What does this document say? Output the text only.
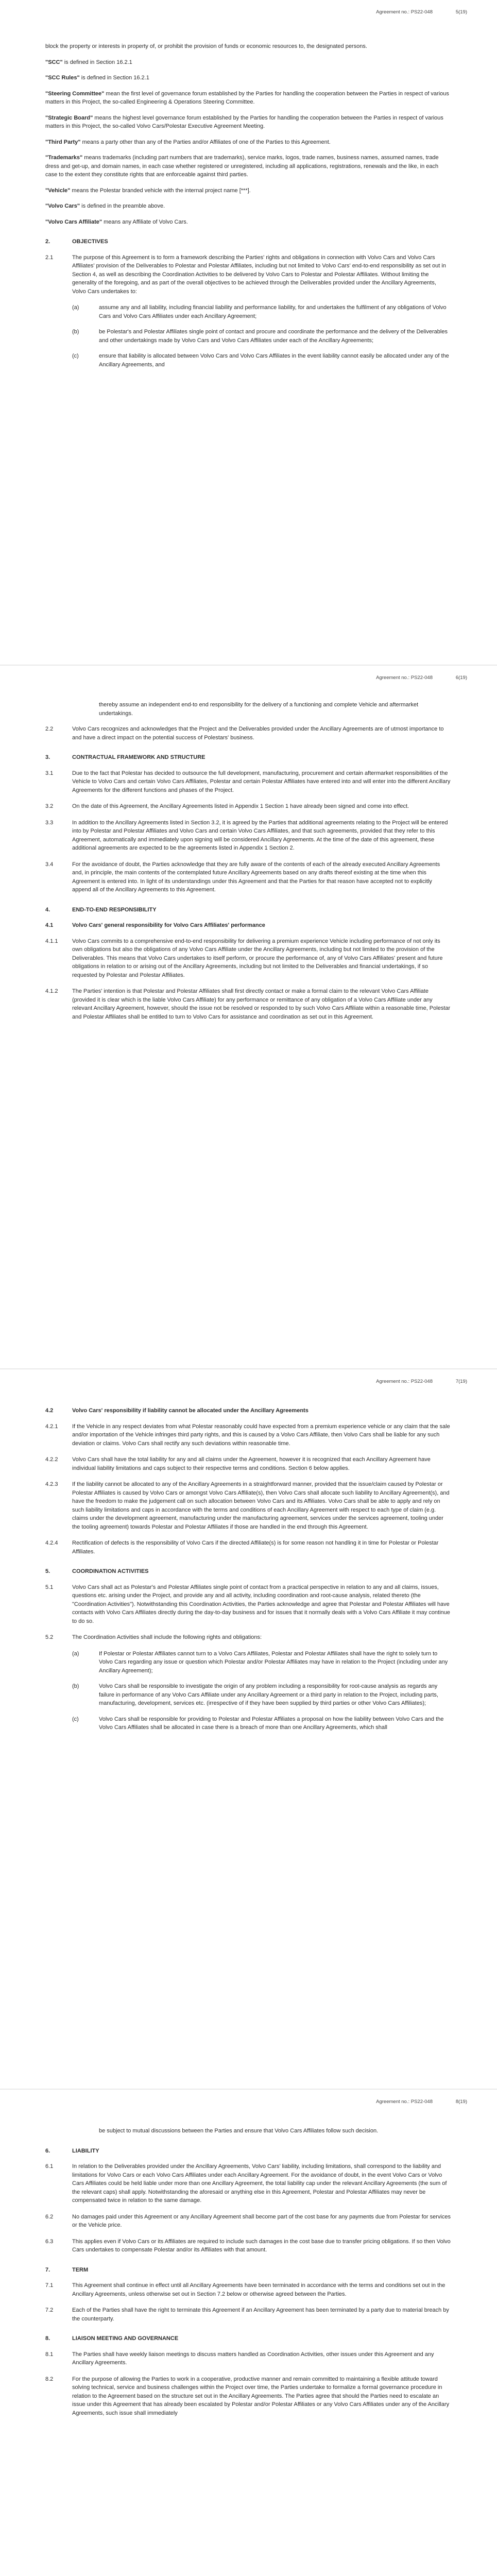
Agreement no.: PS22-048	5(19)

block the property or interests in property of, or prohibit the provision of funds or economic resources to, the designated persons.

"SCC" is defined in Section 16.2.1

"SCC Rules" is defined in Section 16.2.1

"Steering Committee" mean the first level of governance forum established by the Parties for handling the cooperation between the Parties in respect of various matters in this Project, the so-called Engineering & Operations Steering Committee.

"Strategic Board" means the highest level governance forum established by the Parties for handling the cooperation between the Parties in respect of various matters in this Project, the so-called Volvo Cars/Polestar Executive Agreement Meeting.

"Third Party" means a party other than any of the Parties and/or Affiliates of one of the Parties to this Agreement.

"Trademarks" means trademarks (including part numbers that are trademarks), service marks, logos, trade names, business names, assumed names, trade dress and get-up, and domain names, in each case whether registered or unregistered, including all applications, registrations, renewals and the like, in each case to the extent they constitute rights that are enforceable against third parties.

"Vehicle" means the Polestar branded vehicle with the internal project name [***].

"Volvo Cars" is defined in the preamble above.

"Volvo Cars Affiliate" means any Affiliate of Volvo Cars.

2.	OBJECTIVES
2.1	The purpose of this Agreement is to form a framework describing the Parties' rights and obligations in connection with Volvo Cars and Volvo Cars Affiliates' provision of the Deliverables to Polestar and Polestar Affiliates, including but not limited to Volvo Cars' end-to-end responsibility as set out in Section 4, as well as describing the Coordination Activities to be delivered by Volvo Cars to Polestar and Polestar Affiliates. Without limiting the generality of the foregoing, and as part of the overall objectives to be achieved through the Deliverables provided under the Ancillary Agreements, Volvo Cars undertakes to:
(a)	assume any and all liability, including financial liability and performance liability, for and undertakes the fulfilment of any obligations of Volvo Cars and Volvo Cars Affiliates under each Ancillary Agreement;
(b)	be Polestar's and Polestar Affiliates single point of contact and procure and coordinate the performance and the delivery of the Deliverables and other undertakings made by Volvo Cars and Volvo Cars Affiliates under each of the Ancillary Agreements;
(c)	ensure that liability is allocated between Volvo Cars and Volvo Cars Affiliates in the event liability cannot easily be allocated under any of the Ancillary Agreements, and
Agreement no.: PS22-048	6(19)

thereby assume an independent end-to end responsibility for the delivery of a functioning and complete Vehicle and aftermarket undertakings.

2.2	Volvo Cars recognizes and acknowledges that the Project and the Deliverables provided under the Ancillary Agreements are of utmost importance to and have a direct impact on the potential success of Polestars' business.
3.	CONTRACTUAL FRAMEWORK AND STRUCTURE
3.1	Due to the fact that Polestar has decided to outsource the full development, manufacturing, procurement and certain aftermarket responsibilities of the Vehicle to Volvo Cars and certain Volvo Cars Affiliates, Polestar and certain Polestar Affiliates have entered into and will enter into the different Ancillary Agreements for the different functions and phases of the Project.
3.2	On the date of this Agreement, the Ancillary Agreements listed in Appendix 1 Section 1 have already been signed and come into effect.
3.3	In addition to the Ancillary Agreements listed in Section 3.2, it is agreed by the Parties that additional agreements relating to the Project will be entered into by Polestar and Polestar Affiliates and Volvo Cars and certain Volvo Cars Affiliates, and that such agreements, provided that they refer to this Agreement, automatically and immediately upon signing will be considered Ancillary Agreements. At the time of the date of this agreement, these additional agreements are expected to be the agreements listed in Appendix 1 Section 2.
3.4	For the avoidance of doubt, the Parties acknowledge that they are fully aware of the contents of each of the already executed Ancillary Agreements and, in principle, the main contents of the contemplated future Ancillary Agreements based on any drafts thereof existing at the time when this Agreement is entered into. In light of its understandings under this Agreement and that the Parties for that reason have accepted not to explicitly append all of the Ancillary Agreements to this Agreement.
4.	END-TO-END RESPONSIBILITY
4.1	Volvo Cars' general responsibility for Volvo Cars Affiliates' performance
4.1.1	Volvo Cars commits to a comprehensive end-to-end responsibility for delivering a premium experience Vehicle including performance of not only its own obligations but also the obligations of any Volvo Cars Affiliate under the Ancillary Agreements, including but not limited to the provision of the Deliverables. This means that Volvo Cars undertakes to itself perform, or procure the performance of, any of Volvo Cars Affiliates' present and future obligations in relation to or arising out of the Ancillary Agreements, including but not limited to the Deliverables and financial undertakings, if so requested by Polestar and Polestar Affiliates.
4.1.2	The Parties' intention is that Polestar and Polestar Affiliates shall first directly contact or make a formal claim to the relevant Volvo Cars Affiliate (provided it is clear which is the liable Volvo Cars Affiliate) for any performance or remittance of any obligation of a Volvo Cars Affiliate under any relevant Ancillary Agreement, however, should the issue not be resolved or responded to by such Volvo Cars Affiliate within a reasonable time, Polestar and Polestar Affiliates shall be entitled to turn to Volvo Cars for assistance and coordination as set out in this Agreement.
Agreement no.: PS22-048	7(19)
4.2	Volvo Cars' responsibility if liability cannot be allocated under the Ancillary Agreements
4.2.1	If the Vehicle in any respect deviates from what Polestar reasonably could have expected from a premium experience vehicle or any claim that the sale and/or importation of the Vehicle infringes third party rights, and this is caused by a Volvo Cars Affiliate, then Volvo Cars shall be liable for any such deviation or claims. Volvo Cars shall rectify any such deviations within reasonable time.
4.2.2	Volvo Cars shall have the total liability for any and all claims under the Agreement, however it is recognized that each Ancillary Agreement have individual liability limitations and caps subject to their respective terms and conditions. Section 6 below applies.
4.2.3	If the liability cannot be allocated to any of the Ancillary Agreements in a straightforward manner, provided that the issue/claim caused by Polestar or Polestar Affiliates is caused by Volvo Cars or amongst Volvo Cars Affiliate(s), then Volvo Cars shall allocate such liability to Ancillary Agreement(s), and have the freedom to make the judgement call on such allocation between Volvo Cars and its Affiliates. Volvo Cars shall be able to apply and rely on such liability limitations and caps in accordance with the terms and conditions of each Ancillary Agreement with respect to each type of claim (e.g. claims under the development agreement, manufacturing under the manufacturing agreement, services under the services agreement, tooling under the tooling agreement) towards Polestar and Polestar Affiliates if those are handled in the end through this Agreement.
4.2.4	Rectification of defects is the responsibility of Volvo Cars if the directed Affiliate(s) is for some reason not handling it in time for Polestar or Polestar Affiliates.
5.	COORDINATION ACTIVITIES
5.1	Volvo Cars shall act as Polestar's and Polestar Affiliates single point of contact from a practical perspective in relation to any and all claims, issues, questions etc. arising under the Project, and provide any and all activity, including coordination and root-cause analysis, related thereto (the "Coordination Activities"). Notwithstanding this Coordination Activities, the Parties acknowledge and agree that Polestar and Polestar Affiliates will have contacts with Volvo Cars Affiliates directly during the day-to-day business and for issues that it normally deals with a Volvo Cars Affiliate it may continue to do so.
5.2	The Coordination Activities shall include the following rights and obligations:
(a)	If Polestar or Polestar Affiliates cannot turn to a Volvo Cars Affiliates, Polestar and Polestar Affiliates shall have the right to solely turn to Volvo Cars regarding any issue or question which Polestar and/or Polestar Affiliates may have in relation to the Project (including under any Ancillary Agreement);
(b)	Volvo Cars shall be responsible to investigate the origin of any problem including a responsibility for root-cause analysis as regards any failure in performance of any Volvo Cars Affiliate under any Ancillary Agreement or a third party in relation to the Project, including parts, manufacturing, development, services etc. (irrespective of if they have been supplied by third parties or other Volvo Cars Affiliates);
(c)	Volvo Cars shall be responsible for providing to Polestar and Polestar Affiliates a proposal on how the liability between Volvo Cars and the Volvo Cars Affiliates shall be allocated in case there is a breach of more than one Ancillary Agreements, which shall
Agreement no.: PS22-048	8(19)

be subject to mutual discussions between the Parties and ensure that Volvo Cars Affiliates follow such decision.

6.	LIABILITY
6.1	In relation to the Deliverables provided under the Ancillary Agreements, Volvo Cars' liability, including limitations, shall correspond to the liability and limitations for Volvo Cars or each Volvo Cars Affiliates under each Ancillary Agreement. For the avoidance of doubt, in the event Volvo Cars or Volvo Cars Affiliates could be held liable under more than one Ancillary Agreement, the total liability cap under the relevant Ancillary Agreements (the sum of the relevant caps) shall apply. Notwithstanding the aforesaid or anything else in this Agreement, Polestar and Polestar Affiliates may never be compensated twice in relation to the same damage.
6.2	No damages paid under this Agreement or any Ancillary Agreement shall become part of the cost base for any payments due from Polestar for services or the Vehicle price.
6.3	This applies even if Volvo Cars or its Affiliates are required to include such damages in the cost base due to transfer pricing obligations. If so then Volvo Cars undertakes to compensate Polestar and/or its Affiliates with that amount.
7.	TERM
7.1	This Agreement shall continue in effect until all Ancillary Agreements have been terminated in accordance with the terms and conditions set out in the Ancillary Agreements, unless otherwise set out in Section 7.2 below or otherwise agreed between the Parties.
7.2	Each of the Parties shall have the right to terminate this Agreement if an Ancillary Agreement has been terminated by a party due to material breach by the counterparty.
8.	LIAISON MEETING AND GOVERNANCE
8.1	The Parties shall have weekly liaison meetings to discuss matters handled as Coordination Activities, other issues under this Agreement and any Ancillary Agreements.
8.2	For the purpose of allowing the Parties to work in a cooperative, productive manner and remain committed to maintaining a flexible attitude toward solving technical, service and business challenges within the Project over time, the Parties undertake to formalize a formal governance procedure in relation to the Agreement based on the structure set out in the Ancillary Agreements. The Parties agree that should the Parties need to escalate an issue under this Agreement that has already been escalated by Polestar and/or Polestar Affiliates or any Volvo Cars Affiliates under any of the Ancillary Agreements, such issue shall immediately
